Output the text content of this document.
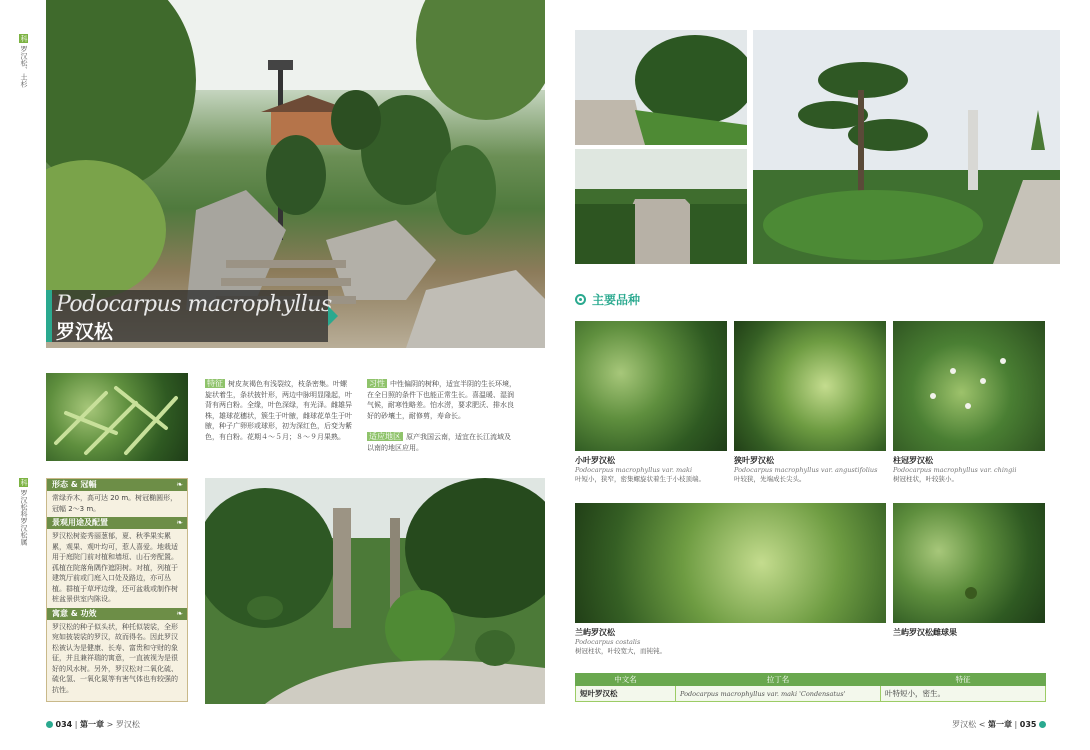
科 罗汉松、土杉
科 罗汉松科罗汉松属
Podocarpus macrophyllus
罗汉松
特征 树皮灰褐色有浅裂纹，枝条密集。叶螺旋状着生，条状披针形，两边中脉明显隆起，叶背有两白粉。全缘，叶色深绿，有光泽。雌雄异株，雄球花穗状，簇生于叶腋，雌球花单生于叶腋，种子广卵形或球形，初为深红色，后变为紫色，有白粉。花期４～５月；８～９月果熟。
习性 中性偏阴的树种，适宜半阴的生长环境，在全日照的条件下也能正常生长。喜温暖、湿润气候，耐寒性略差。怕水涝，要求肥沃、排水良好的砂壤土，耐修剪，寿命长。
适应地区 原产我国云南，适宜在长江流域及以南的地区应用。
形态 & 冠幅	❧
常绿乔木，高可达 20 m。树冠椭圆形，冠幅 2～3 m。
景观用途及配置	❧
罗汉松树姿秀丽葱郁，夏、秋季果实累累，观果、观叶均可，惹人喜爱。地栽适用于庭院门前对植和墙垣、山石旁配置。孤植在院落角隅作遮阴树。对植，列植于建筑厅前或门庭入口处及路边，亦可丛植。群植于草坪边缘，还可盆栽或制作树桩盆景供室内陈设。
寓意 & 功效	❧
罗汉松的种子似头状，种托似袈裟，全形宛如披袈裟的罗汉，故而得名。因此罗汉松被认为是健康、长寿、富贵和守财的象征，并且兼祥瑞的寓意，一直被视为是很好的风水树。另外，罗汉松对二氧化硫、硫化氢、一氧化氮等有害气体也有较强的抗性。
034 | 第一章 > 罗汉松
主要品种
小叶罗汉松
Podocarpus macrophyllus var. maki
叶短小，狭窄，密集螺旋状着生于小枝顶端。
狭叶罗汉松
Podocarpus macrophyllus var. angustifolius
叶较狭，先端成长尖头。
柱冠罗汉松
Podocarpus macrophyllus var. chingii
树冠柱状，叶较狭小。
兰屿罗汉松
Podocarpus costalis
树冠柱状，叶较宽大，而钝钝。
兰屿罗汉松雌球果
中文名	拉丁名	特征
短叶罗汉松	Podocarpus macrophyllus var. maki 'Condensatus'	叶特短小，密生。
罗汉松 < 第一章 | 035
